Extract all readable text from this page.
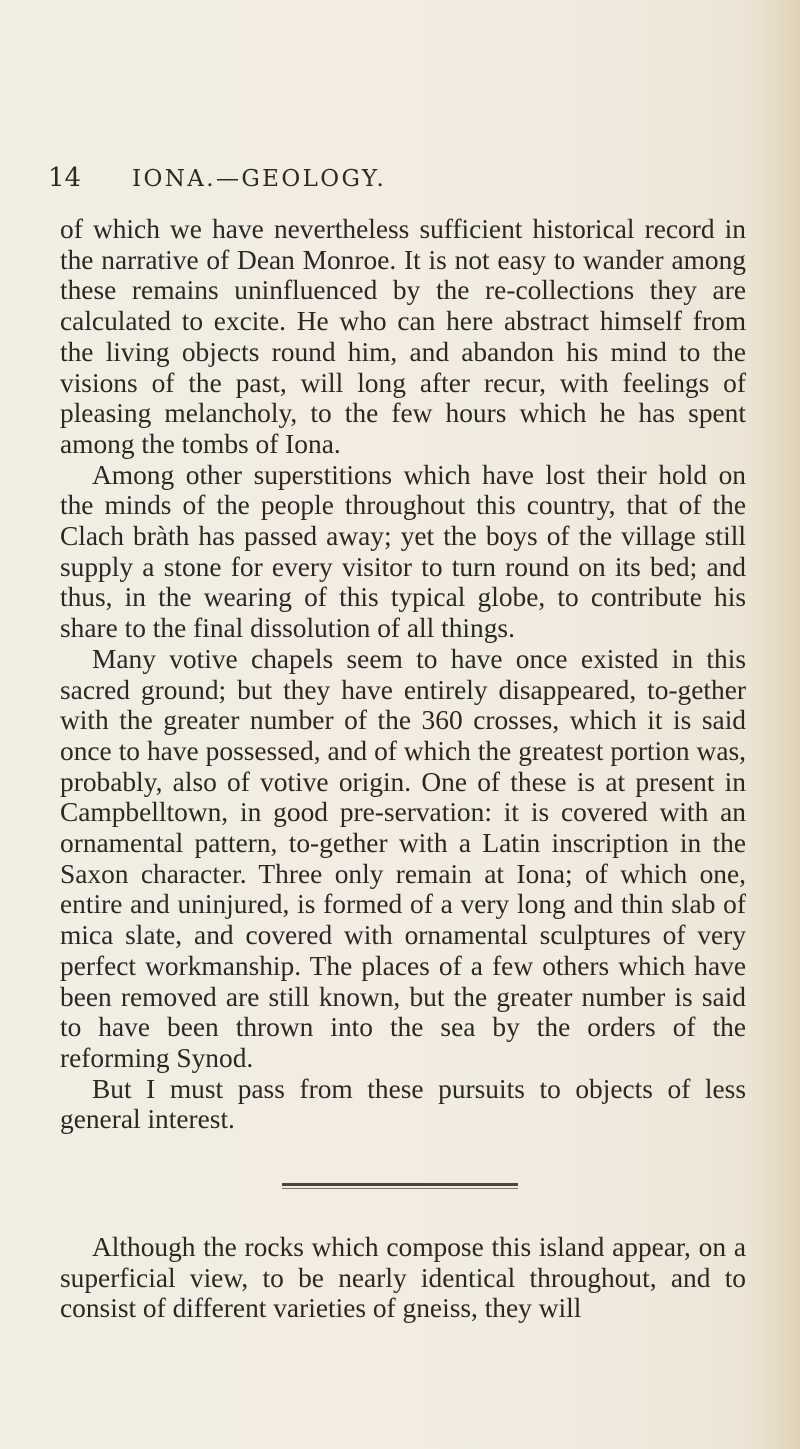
14 IONA.—GEOLOGY.

of which we have nevertheless sufficient historical record in the narrative of Dean Monroe. It is not easy to wander among these remains uninfluenced by the re-collections they are calculated to excite. He who can here abstract himself from the living objects round him, and abandon his mind to the visions of the past, will long after recur, with feelings of pleasing melancholy, to the few hours which he has spent among the tombs of Iona.

Among other superstitions which have lost their hold on the minds of the people throughout this country, that of the Clach bràth has passed away; yet the boys of the village still supply a stone for every visitor to turn round on its bed; and thus, in the wearing of this typical globe, to contribute his share to the final dissolution of all things.

Many votive chapels seem to have once existed in this sacred ground; but they have entirely disappeared, to-gether with the greater number of the 360 crosses, which it is said once to have possessed, and of which the greatest portion was, probably, also of votive origin. One of these is at present in Campbelltown, in good pre-servation: it is covered with an ornamental pattern, to-gether with a Latin inscription in the Saxon character. Three only remain at Iona; of which one, entire and uninjured, is formed of a very long and thin slab of mica slate, and covered with ornamental sculptures of very perfect workmanship. The places of a few others which have been removed are still known, but the greater number is said to have been thrown into the sea by the orders of the reforming Synod.

But I must pass from these pursuits to objects of less general interest.

Although the rocks which compose this island appear, on a superficial view, to be nearly identical throughout, and to consist of different varieties of gneiss, they will
